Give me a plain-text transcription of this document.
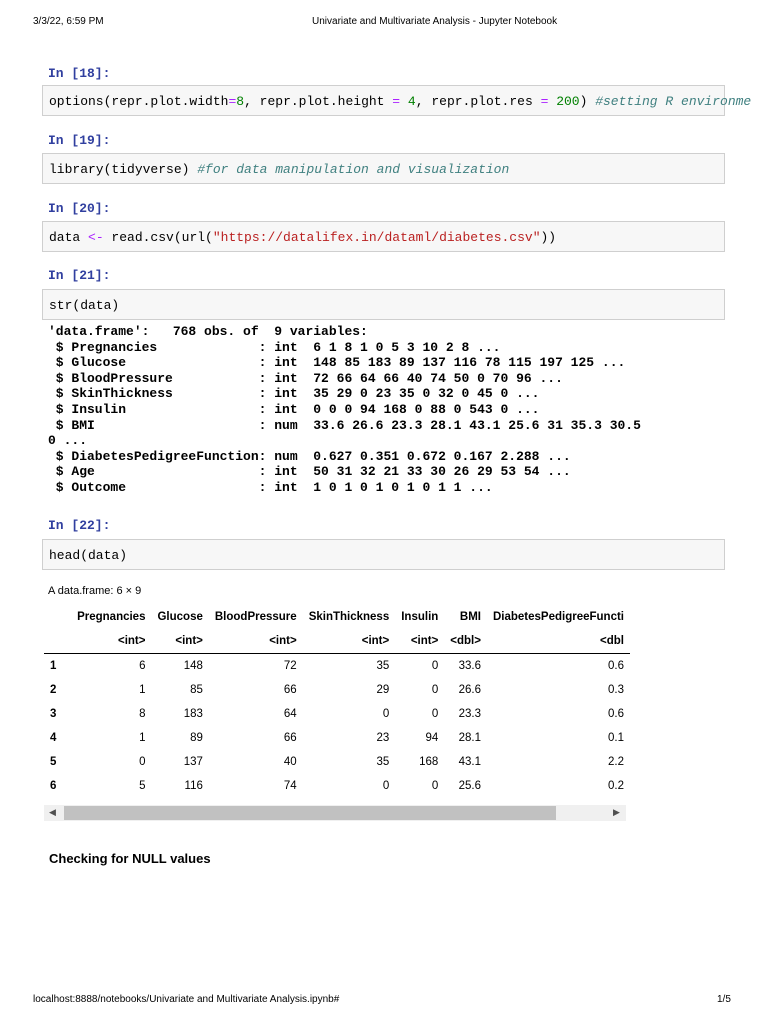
3/3/22, 6:59 PM	Univariate and Multivariate Analysis - Jupyter Notebook
In [18]:

options(repr.plot.width=8, repr.plot.height = 4, repr.plot.res = 200) #setting R environme

In [19]:

library(tidyverse) #for data manipulation and visualization

In [20]:

data <- read.csv(url("https://datalifex.in/dataml/diabetes.csv"))

In [21]:

str(data)

'data.frame':   768 obs. of  9 variables:
$ Pregnancies             : int  6 1 8 1 0 5 3 10 2 8 ...
$ Glucose                 : int  148 85 183 89 137 116 78 115 197 125 ...
$ BloodPressure           : int  72 66 64 66 40 74 50 0 70 96 ...
$ SkinThickness           : int  35 29 0 23 35 0 32 0 45 0 ...
$ Insulin                 : int  0 0 0 94 168 0 88 0 543 0 ...
$ BMI                     : num  33.6 26.6 23.3 28.1 43.1 25.6 31 35.3 30.5
0 ...
$ DiabetesPedigreeFunction: num  0.627 0.351 0.672 0.167 2.288 ...
$ Age                     : int  50 31 32 21 33 30 26 29 53 54 ...
$ Outcome                 : int  1 0 1 0 1 0 1 0 1 1 ...
In [22]:

head(data)

A data.frame: 6 × 9
	Pregnancies	Glucose	BloodPressure	SkinThickness	Insulin	BMI	DiabetesPedigreeFuncti
	<int>	<int>	<int>	<int>	<int>	<dbl>	<dbl
1	6	148	72	35	0	33.6	0.6
2	1	85	66	29	0	26.6	0.3
3	8	183	64	0	0	23.3	0.6
4	1	89	66	23	94	28.1	0.1
5	0	137	40	35	168	43.1	2.2
6	5	116	74	0	0	25.6	0.2
◀	▶
Checking for NULL values
localhost:8888/notebooks/Univariate and Multivariate Analysis.ipynb#	1/5
